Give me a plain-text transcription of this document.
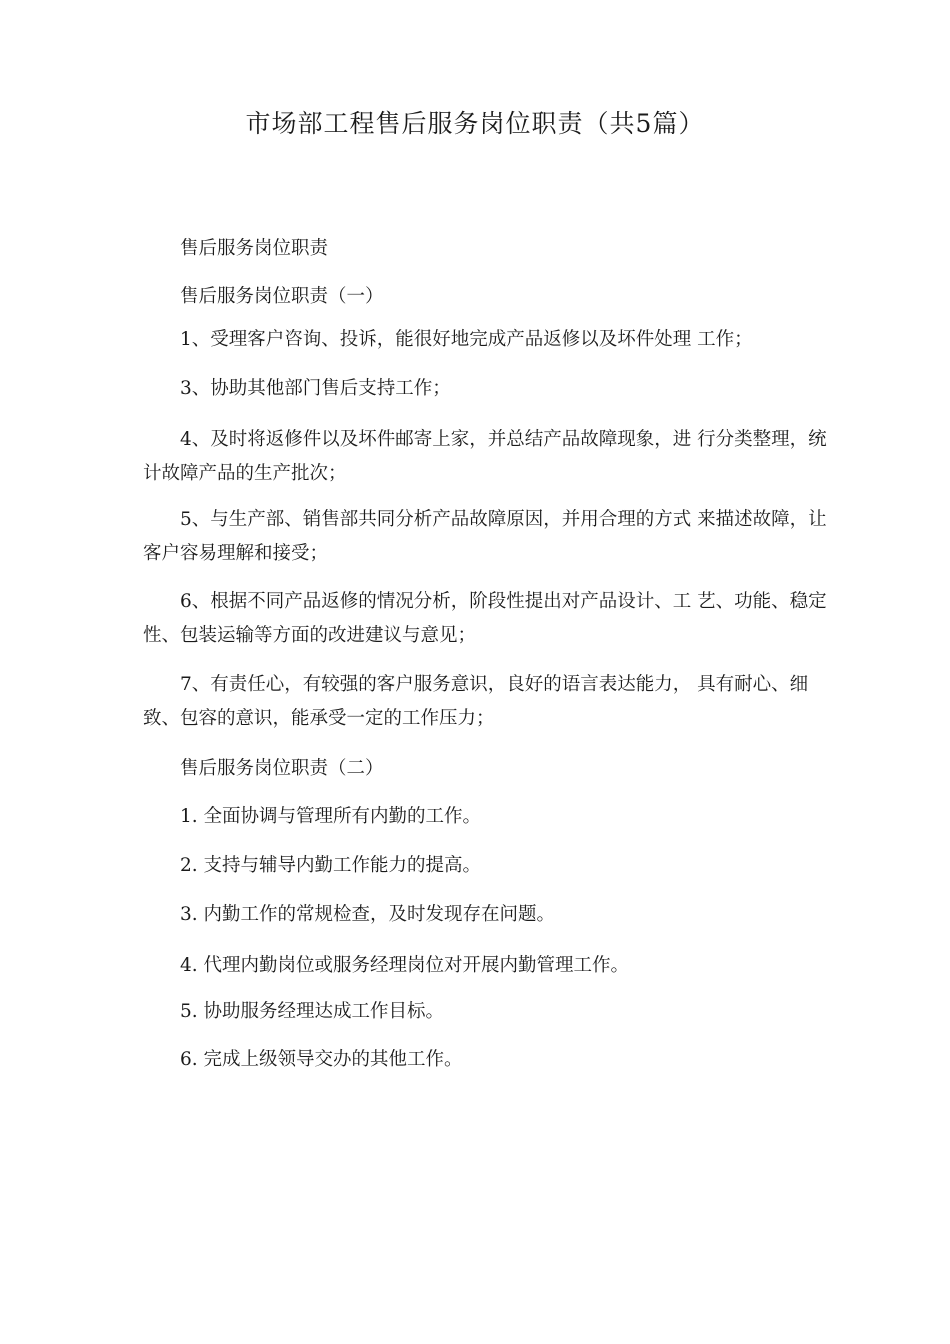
市场部工程售后服务岗位职责（共5篇）

售后服务岗位职责

售后服务岗位职责（一）

1、受理客户咨询、投诉，能很好地完成产品返修以及坏件处理 工作；

3、协助其他部门售后支持工作；

4、及时将返修件以及坏件邮寄上家，并总结产品故障现象，进 行分类整理，统计故障产品的生产批次；

5、与生产部、销售部共同分析产品故障原因，并用合理的方式 来描述故障，让客户容易理解和接受；

6、根据不同产品返修的情况分析，阶段性提出对产品设计、工 艺、功能、稳定性、包装运输等方面的改进建议与意见；

7、有责任心，有较强的客户服务意识，良好的语言表达能力， 具有耐心、细致、包容的意识，能承受一定的工作压力；

售后服务岗位职责（二）

1. 全面协调与管理所有内勤的工作。

2. 支持与辅导内勤工作能力的提高。

3. 内勤工作的常规检查，及时发现存在问题。

4. 代理内勤岗位或服务经理岗位对开展内勤管理工作。

5. 协助服务经理达成工作目标。

6. 完成上级领导交办的其他工作。
